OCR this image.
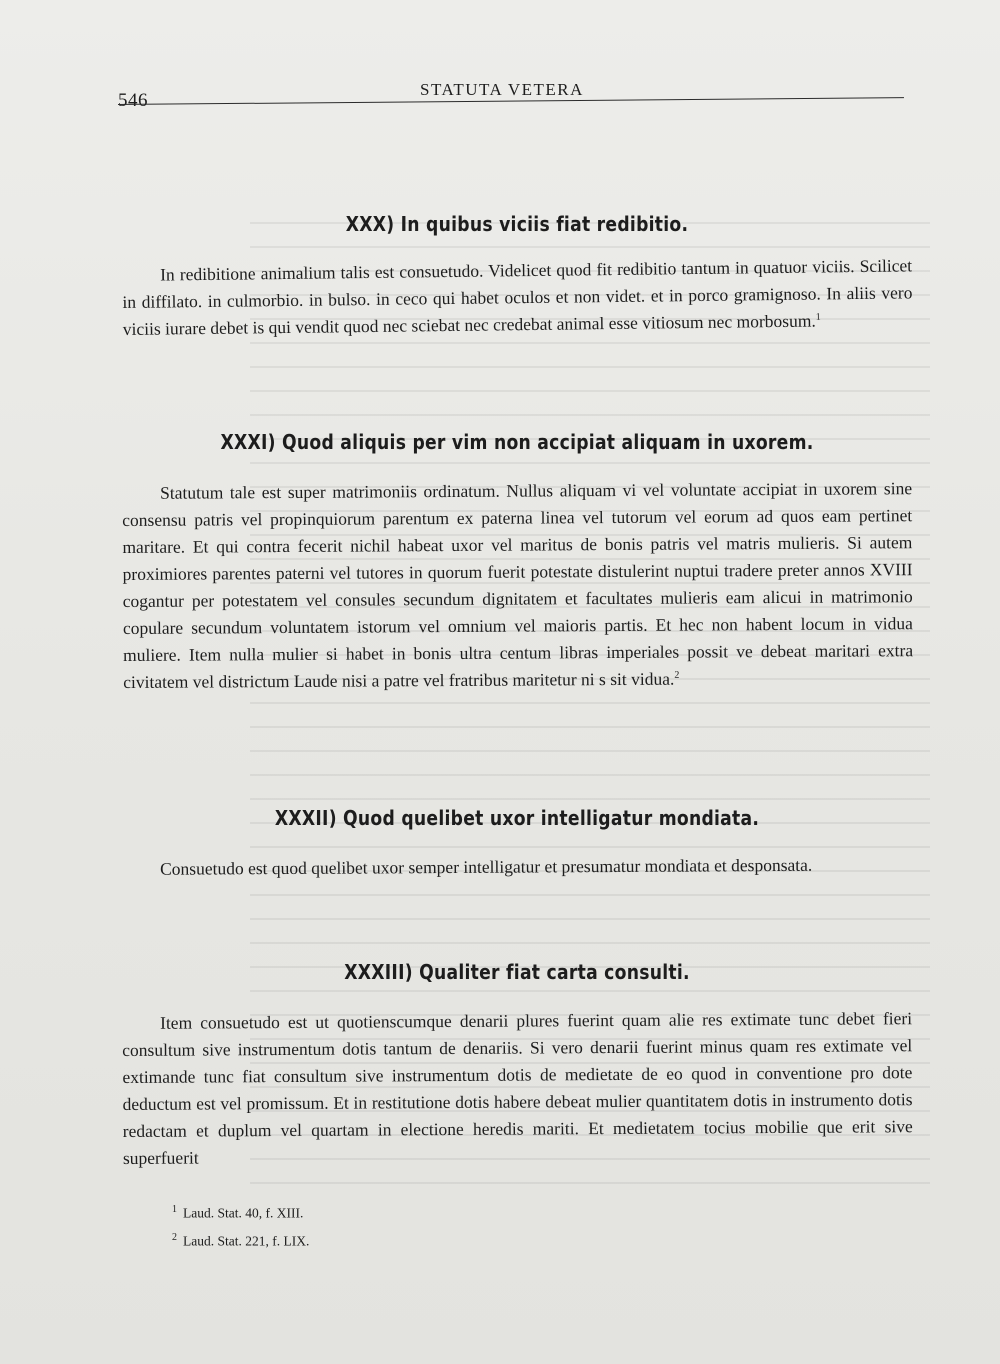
546
STATUTA VETERA
XXX) In quibus viciis fiat redibitio.

In redibitione animalium talis est consuetudo. Videlicet quod fit redibitio tantum in quatuor viciis. Scilicet in diffilato. in culmorbio. in bulso. in ceco qui habet oculos et non videt. et in porco gramignoso. In aliis vero viciis iurare debet is qui vendit quod nec sciebat nec credebat animal esse vitiosum nec morbosum.$^1$

XXXI) Quod aliquis per vim non accipiat aliquam in uxorem.

Statutum tale est super matrimoniis ordinatum. Nullus aliquam vi vel voluntate accipiat in uxorem sine consensu patris vel propinquiorum parentum ex paterna linea vel tutorum vel eorum ad quos eam pertinet maritare. Et qui contra fecerit nichil habeat uxor vel maritus de bonis patris vel matris mulieris. Si autem proximiores parentes paterni vel tutores in quorum fuerit potestate distulerint nuptui tradere preter annos XVIII cogantur per potestatem vel consules secundum dignitatem et facultates mulieris eam alicui in matrimonio copulare secundum voluntatem istorum vel omnium vel maioris partis. Et hec non habent locum in vidua muliere. Item nulla mulier si habet in bonis ultra centum libras imperiales possit ve debeat maritari extra civitatem vel districtum Laude nisi a patre vel fratribus maritetur ni s sit vidua.$^2$

XXXII) Quod quelibet uxor intelligatur mondiata.

Consuetudo est quod quelibet uxor semper intelligatur et presumatur mondiata et desponsata.

XXXIII) Qualiter fiat carta consulti.

Item consuetudo est ut quotienscumque denarii plures fuerint quam alie res extimate tunc debet fieri consultum sive instrumentum dotis tantum de denariis. Si vero denarii fuerint minus quam res extimate vel extimande tunc fiat consultum sive instrumentum dotis de medietate de eo quod in conventione pro dote deductum est vel promissum. Et in restitutione dotis habere debeat mulier quantitatem dotis in instrumento dotis redactam et duplum vel quartam in electione heredis mariti. Et medietatem tocius mobilie que erit sive superfuerit

$^1$ Laud. Stat. 40, f. XIII.
$^2$ Laud. Stat. 221, f. LIX.
